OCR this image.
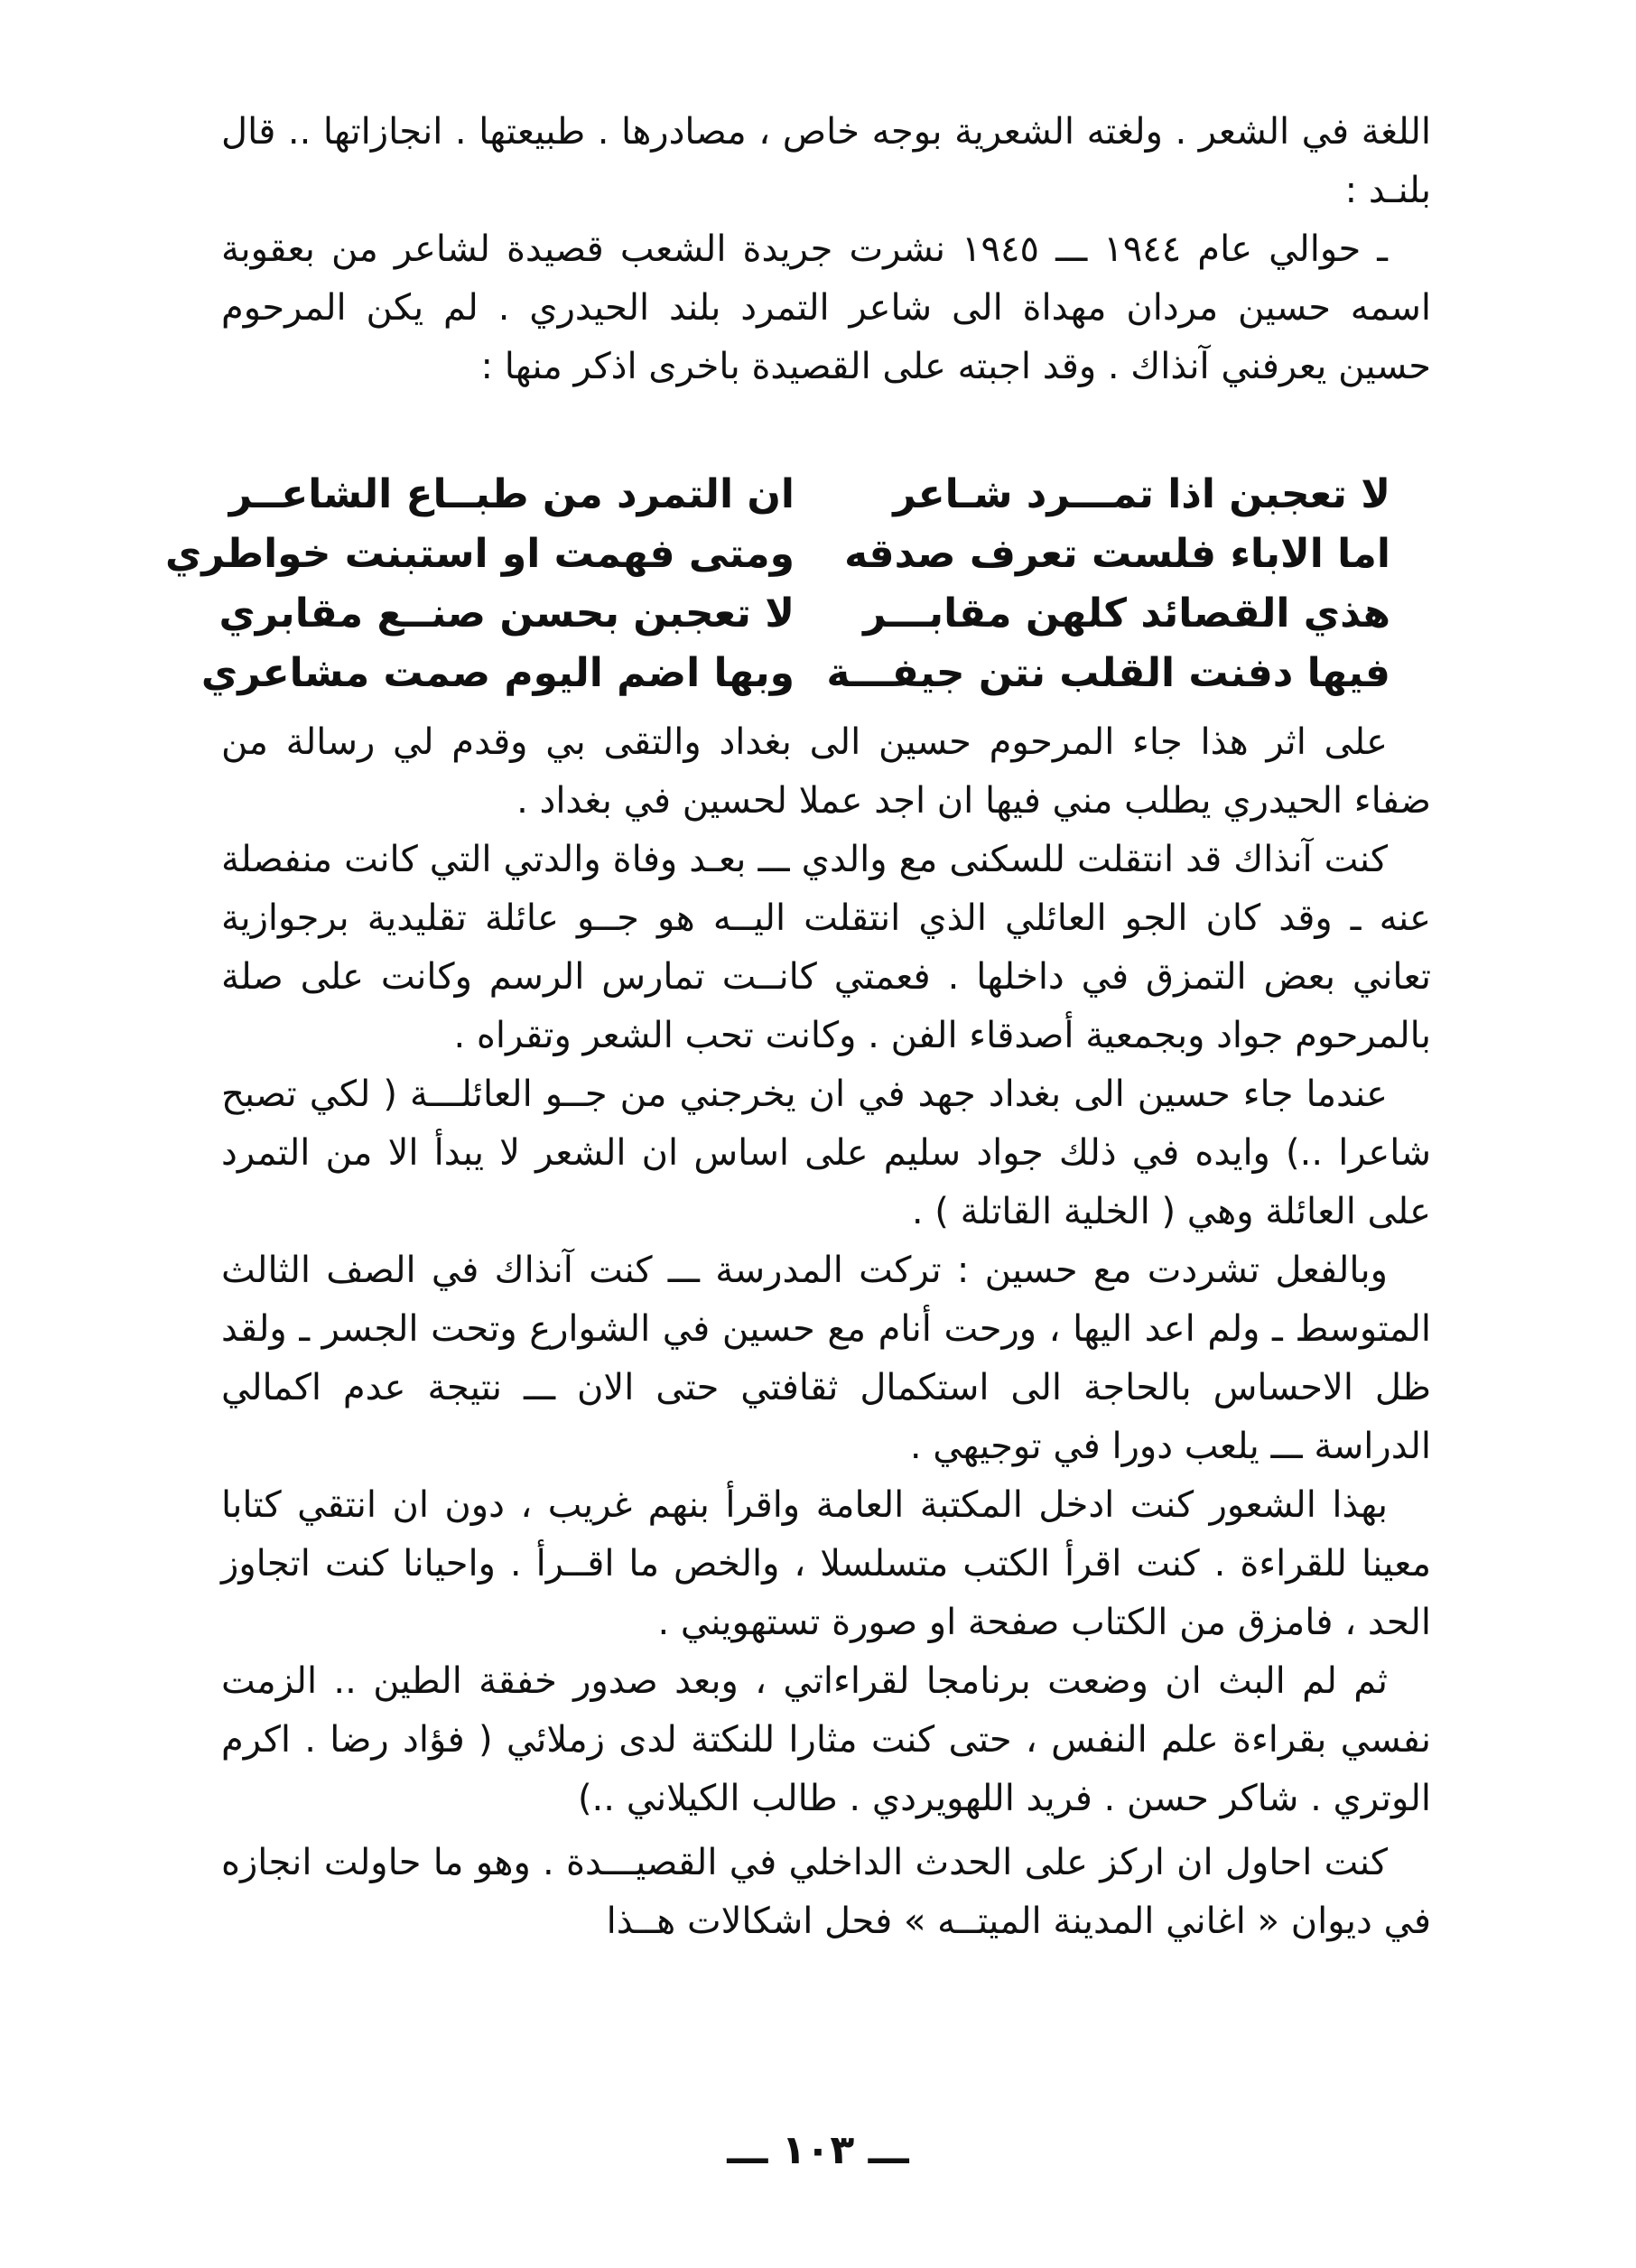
اللغة في الشعر . ولغته الشعرية بوجه خاص ، مصادرها . طبيعتها . انجازاتها .. قال بلنـد :

ـ حوالي عام ١٩٤٤ ـــ ١٩٤٥ نشرت جريدة الشعب قصيدة لشاعر من بعقوبة اسمه حسين مردان مهداة الى شاعر التمرد بلند الحيدري . لم يكن المرحوم حسين يعرفني آنذاك . وقد اجبته على القصيدة باخرى اذكر منها :

لا تعجبن اذا تمـــرد شـاعر
ان التمرد من طبــاع الشاعــر
اما الاباء فلست تعرف صدقه
ومتى فهمت او استبنت خواطري
هذي القصائد كلهن مقابـــر
لا تعجبن بحسن صنــع مقابري
فيها دفنت القلب نتن جيفـــة
وبها اضم اليوم صمت مشاعري

على اثر هذا جاء المرحوم حسين الى بغداد والتقى بي وقدم لي رسالة من ضفاء الحيدري يطلب مني فيها ان اجد عملا لحسين في بغداد .

كنت آنذاك قد انتقلت للسكنى مع والدي ـــ بعـد وفاة والدتي التي كانت منفصلة عنه ـ وقد كان الجو العائلي الذي انتقلت اليــه هو جــو عائلة تقليدية برجوازية تعاني بعض التمزق في داخلها . فعمتي كانــت تمارس الرسم وكانت على صلة بالمرحوم جواد وبجمعية أصدقاء الفن . وكانت تحب الشعر وتقراه .

عندما جاء حسين الى بغداد جهد في ان يخرجني من جــو العائلـــة ( لكي تصبح شاعرا ..) وايده في ذلك جواد سليم على اساس ان الشعر لا يبدأ الا من التمرد على العائلة وهي ( الخلية القاتلة ) .

وبالفعل تشردت مع حسين : تركت المدرسة ـــ كنت آنذاك في الصف الثالث المتوسط ـ ولم اعد اليها ، ورحت أنام مع حسين في الشوارع وتحت الجسر ـ ولقد ظل الاحساس بالحاجة الى استكمال ثقافتي حتى الان ـــ نتيجة عدم اكمالي الدراسة ـــ يلعب دورا في توجيهي .

بهذا الشعور كنت ادخل المكتبة العامة واقرأ بنهم غريب ، دون ان انتقي كتابا معينا للقراءة . كنت اقرأ الكتب متسلسلا ، والخص ما اقــرأ . واحيانا كنت اتجاوز الحد ، فامزق من الكتاب صفحة او صورة تستهويني .

ثم لم البث ان وضعت برنامجا لقراءاتي ، وبعد صدور خفقة الطين .. الزمت نفسي بقراءة علم النفس ، حتى كنت مثارا للنكتة لدى زملائي ( فؤاد رضا . اكرم الوتري . شاكر حسن . فريد اللهويردي . طالب الكيلاني ..)

كنت احاول ان اركز على الحدث الداخلي في القصيـــدة . وهو ما حاولت انجازه في ديوان « اغاني المدينة الميتــه » فحل اشكالات هــذا

ـــ ١٠٣ ـــ
